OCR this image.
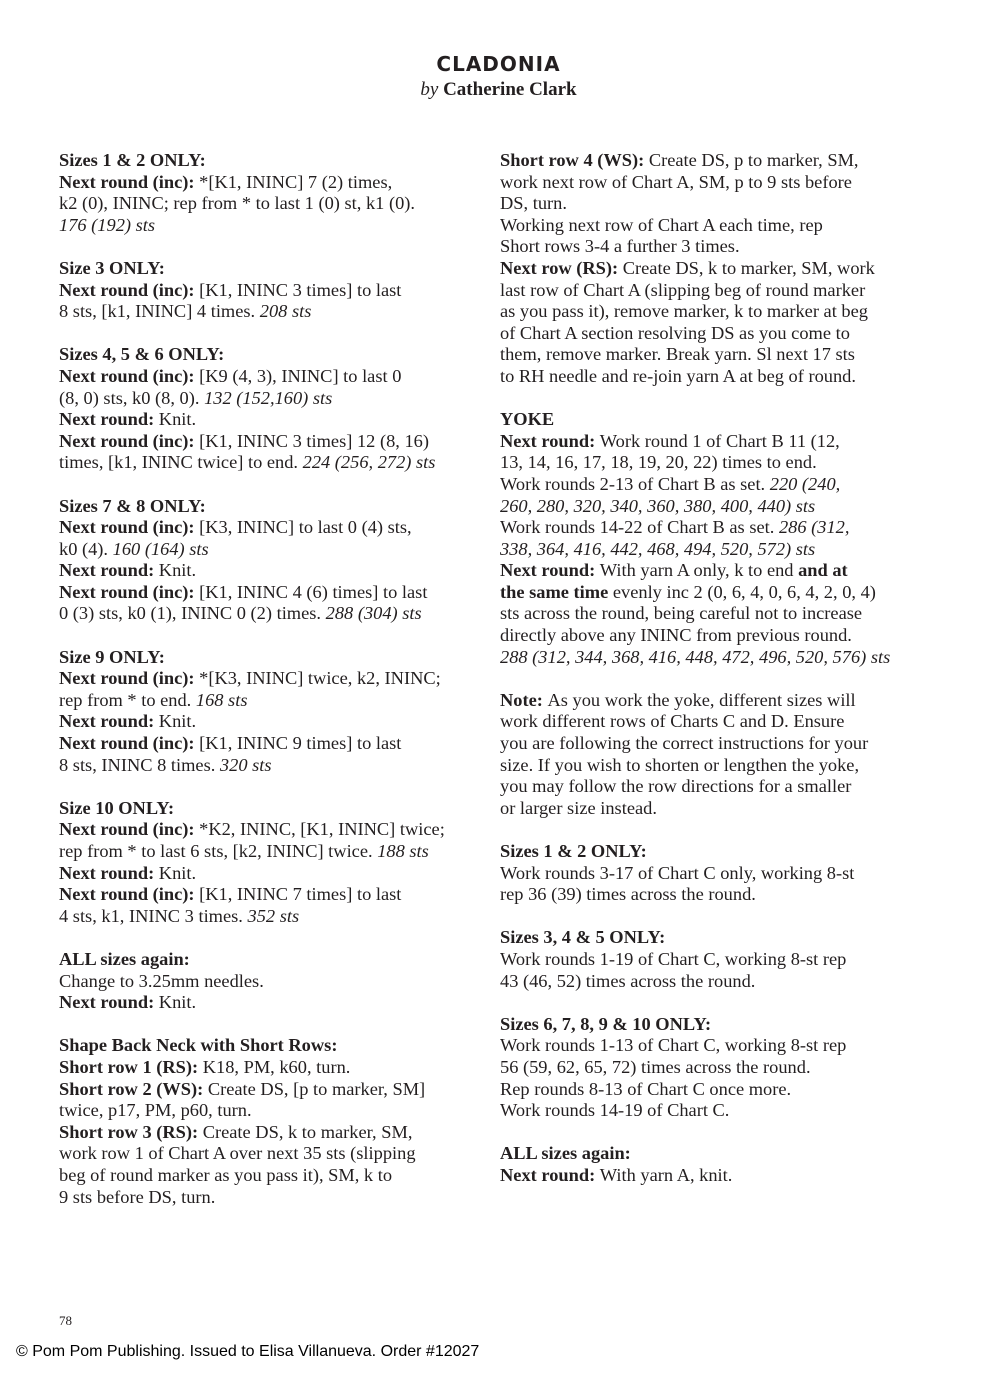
CLADONIA
by Catherine Clark
Sizes 1 & 2 ONLY:
Next round (inc): *[K1, ININC] 7 (2) times,
k2 (0), ININC; rep from * to last 1 (0) st, k1 (0).
176 (192) sts
Size 3 ONLY:
Next round (inc): [K1, ININC 3 times] to last
8 sts, [k1, ININC] 4 times. 208 sts
Sizes 4, 5 & 6 ONLY:
Next round (inc): [K9 (4, 3), ININC] to last 0
(8, 0) sts, k0 (8, 0). 132 (152,160) sts
Next round: Knit.
Next round (inc): [K1, ININC 3 times] 12 (8, 16)
times, [k1, ININC twice] to end. 224 (256, 272) sts
Sizes 7 & 8 ONLY:
Next round (inc): [K3, ININC] to last 0 (4) sts,
k0 (4). 160 (164) sts
Next round: Knit.
Next round (inc): [K1, ININC 4 (6) times] to last
0 (3) sts, k0 (1), ININC 0 (2) times. 288 (304) sts
Size 9 ONLY:
Next round (inc): *[K3, ININC] twice, k2, ININC;
rep from * to end. 168 sts
Next round: Knit.
Next round (inc): [K1, ININC 9 times] to last
8 sts, ININC 8 times. 320 sts
Size 10 ONLY:
Next round (inc): *K2, ININC, [K1, ININC] twice;
rep from * to last 6 sts, [k2, ININC] twice. 188 sts
Next round: Knit.
Next round (inc): [K1, ININC 7 times] to last
4 sts, k1, ININC 3 times. 352 sts
ALL sizes again:
Change to 3.25mm needles.
Next round: Knit.
Shape Back Neck with Short Rows:
Short row 1 (RS): K18, PM, k60, turn.
Short row 2 (WS): Create DS, [p to marker, SM]
twice, p17, PM, p60, turn.
Short row 3 (RS): Create DS, k to marker, SM,
work row 1 of Chart A over next 35 sts (slipping
beg of round marker as you pass it), SM, k to
9 sts before DS, turn.
Short row 4 (WS): Create DS, p to marker, SM,
work next row of Chart A, SM, p to 9 sts before
DS, turn.
Working next row of Chart A each time, rep
Short rows 3-4 a further 3 times.
Next row (RS): Create DS, k to marker, SM, work
last row of Chart A (slipping beg of round marker
as you pass it), remove marker, k to marker at beg
of Chart A section resolving DS as you come to
them, remove marker. Break yarn. Sl next 17 sts
to RH needle and re-join yarn A at beg of round.
YOKE
Next round: Work round 1 of Chart B 11 (12,
13, 14, 16, 17, 18, 19, 20, 22) times to end.
Work rounds 2-13 of Chart B as set. 220 (240,
260, 280, 320, 340, 360, 380, 400, 440) sts
Work rounds 14-22 of Chart B as set. 286 (312,
338, 364, 416, 442, 468, 494, 520, 572) sts
Next round: With yarn A only, k to end and at
the same time evenly inc 2 (0, 6, 4, 0, 6, 4, 2, 0, 4)
sts across the round, being careful not to increase
directly above any ININC from previous round.
288 (312, 344, 368, 416, 448, 472, 496, 520, 576) sts
Note: As you work the yoke, different sizes will
work different rows of Charts C and D. Ensure
you are following the correct instructions for your
size. If you wish to shorten or lengthen the yoke,
you may follow the row directions for a smaller
or larger size instead.
Sizes 1 & 2 ONLY:
Work rounds 3-17 of Chart C only, working 8-st
rep 36 (39) times across the round.
Sizes 3, 4 & 5 ONLY:
Work rounds 1-19 of Chart C, working 8-st rep
43 (46, 52) times across the round.
Sizes 6, 7, 8, 9 & 10 ONLY:
Work rounds 1-13 of Chart C, working 8-st rep
56 (59, 62, 65, 72) times across the round.
Rep rounds 8-13 of Chart C once more.
Work rounds 14-19 of Chart C.
ALL sizes again:
Next round: With yarn A, knit.
78
© Pom Pom Publishing. Issued to Elisa Villanueva. Order #12027
